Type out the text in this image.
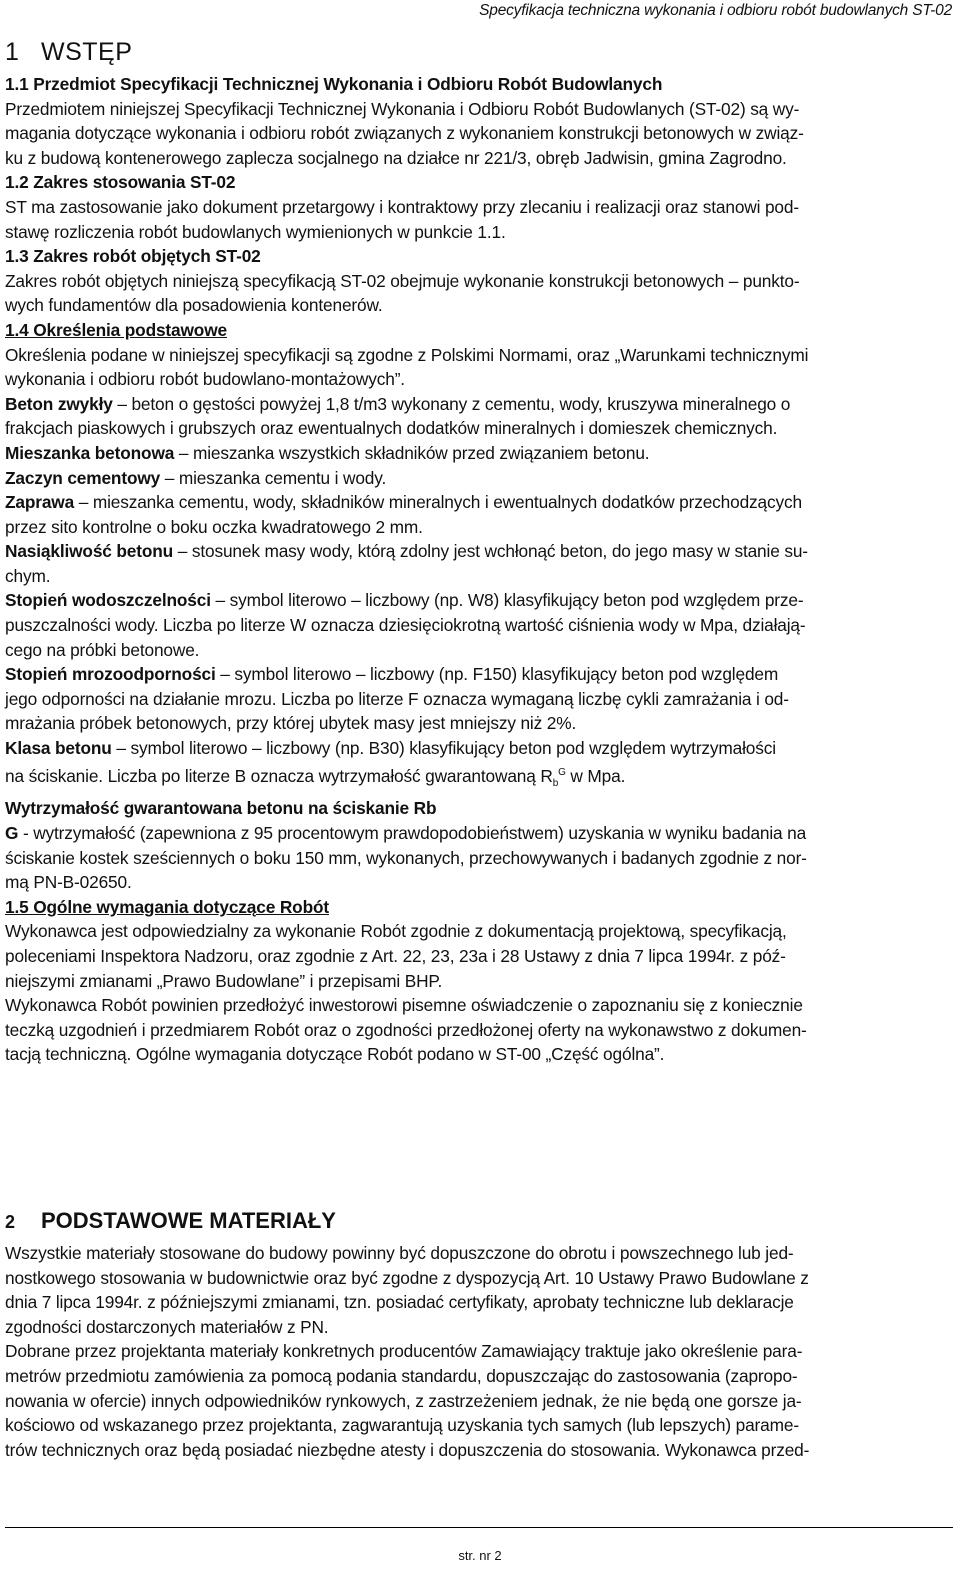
Specyfikacja techniczna wykonania i odbioru robót budowlanych ST-02
1 WSTĘP

1.1 Przedmiot Specyfikacji Technicznej Wykonania i Odbioru Robót Budowlanych

Przedmiotem niniejszej Specyfikacji Technicznej Wykonania i Odbioru Robót Budowlanych (ST-02) są wy-

magania dotyczące wykonania i odbioru robót związanych z wykonaniem konstrukcji betonowych w związ-

ku z budową kontenerowego zaplecza socjalnego na działce nr 221/3, obręb Jadwisin, gmina Zagrodno.

1.2 Zakres stosowania ST-02

ST ma zastosowanie jako dokument przetargowy i kontraktowy przy zlecaniu i realizacji oraz stanowi pod-

stawę rozliczenia robót budowlanych wymienionych w punkcie 1.1.

1.3 Zakres robót objętych ST-02

Zakres robót objętych niniejszą specyfikacją ST-02 obejmuje wykonanie konstrukcji betonowych – punkto-

wych fundamentów dla posadowienia kontenerów.

1.4 Określenia podstawowe

Określenia podane w niniejszej specyfikacji są zgodne z Polskimi Normami, oraz „Warunkami technicznymi

wykonania i odbioru robót budowlano-montażowych”.

Beton zwykły – beton o gęstości powyżej 1,8 t/m3 wykonany z cementu, wody, kruszywa mineralnego o

frakcjach piaskowych i grubszych oraz ewentualnych dodatków mineralnych i domieszek chemicznych.

Mieszanka betonowa – mieszanka wszystkich składników przed związaniem betonu.

Zaczyn cementowy – mieszanka cementu i wody.

Zaprawa – mieszanka cementu, wody, składników mineralnych i ewentualnych dodatków przechodzących

przez sito kontrolne o boku oczka kwadratowego 2 mm.

Nasiąkliwość betonu – stosunek masy wody, którą zdolny jest wchłonąć beton, do jego masy w stanie su-

chym.

Stopień wodoszczelności – symbol literowo – liczbowy (np. W8) klasyfikujący beton pod względem prze-

puszczalności wody. Liczba po literze W oznacza dziesięciokrotną wartość ciśnienia wody w Mpa, działają-

cego na próbki betonowe.

Stopień mrozoodporności – symbol literowo – liczbowy (np. F150) klasyfikujący beton pod względem

jego odporności na działanie mrozu. Liczba po literze F oznacza wymaganą liczbę cykli zamrażania i od-

mrażania próbek betonowych, przy której ubytek masy jest mniejszy niż 2%.

Klasa betonu – symbol literowo – liczbowy (np. B30) klasyfikujący beton pod względem wytrzymałości

na ściskanie. Liczba po literze B oznacza wytrzymałość gwarantowaną $R_b^G$ w Mpa.

Wytrzymałość gwarantowana betonu na ściskanie Rb

G - wytrzymałość (zapewniona z 95 procentowym prawdopodobieństwem) uzyskania w wyniku badania na

ściskanie kostek sześciennych o boku 150 mm, wykonanych, przechowywanych i badanych zgodnie z nor-

mą PN-B-02650.

1.5 Ogólne wymagania dotyczące Robót

Wykonawca jest odpowiedzialny za wykonanie Robót zgodnie z dokumentacją projektową, specyfikacją,

poleceniami Inspektora Nadzoru, oraz zgodnie z Art. 22, 23, 23a i 28 Ustawy z dnia 7 lipca 1994r. z póź-

niejszymi zmianami „Prawo Budowlane” i przepisami BHP.

Wykonawca Robót powinien przedłożyć inwestorowi pisemne oświadczenie o zapoznaniu się z koniecznie

teczką uzgodnień i przedmiarem Robót oraz o zgodności przedłożonej oferty na wykonawstwo z dokumen-

tacją techniczną. Ogólne wymagania dotyczące Robót podano w ST-00 „Część ogólna”.

2 PODSTAWOWE MATERIAŁY

Wszystkie materiały stosowane do budowy powinny być dopuszczone do obrotu i powszechnego lub jed-

nostkowego stosowania w budownictwie oraz być zgodne z dyspozycją Art. 10 Ustawy Prawo Budowlane z

dnia 7 lipca 1994r. z późniejszymi zmianami, tzn. posiadać certyfikaty, aprobaty techniczne lub deklaracje

zgodności dostarczonych materiałów z PN.

Dobrane przez projektanta materiały konkretnych producentów Zamawiający traktuje jako określenie para-

metrów przedmiotu zamówienia za pomocą podania standardu, dopuszczając do zastosowania (zapropo-

nowania w ofercie) innych odpowiedników rynkowych, z zastrzeżeniem jednak, że nie będą one gorsze ja-

kościowo od wskazanego przez projektanta, zagwarantują uzyskania tych samych (lub lepszych) paramе-

trów technicznych oraz będą posiadać niezbędne atesty i dopuszczenia do stosowania. Wykonawca przed-

str. nr 2
